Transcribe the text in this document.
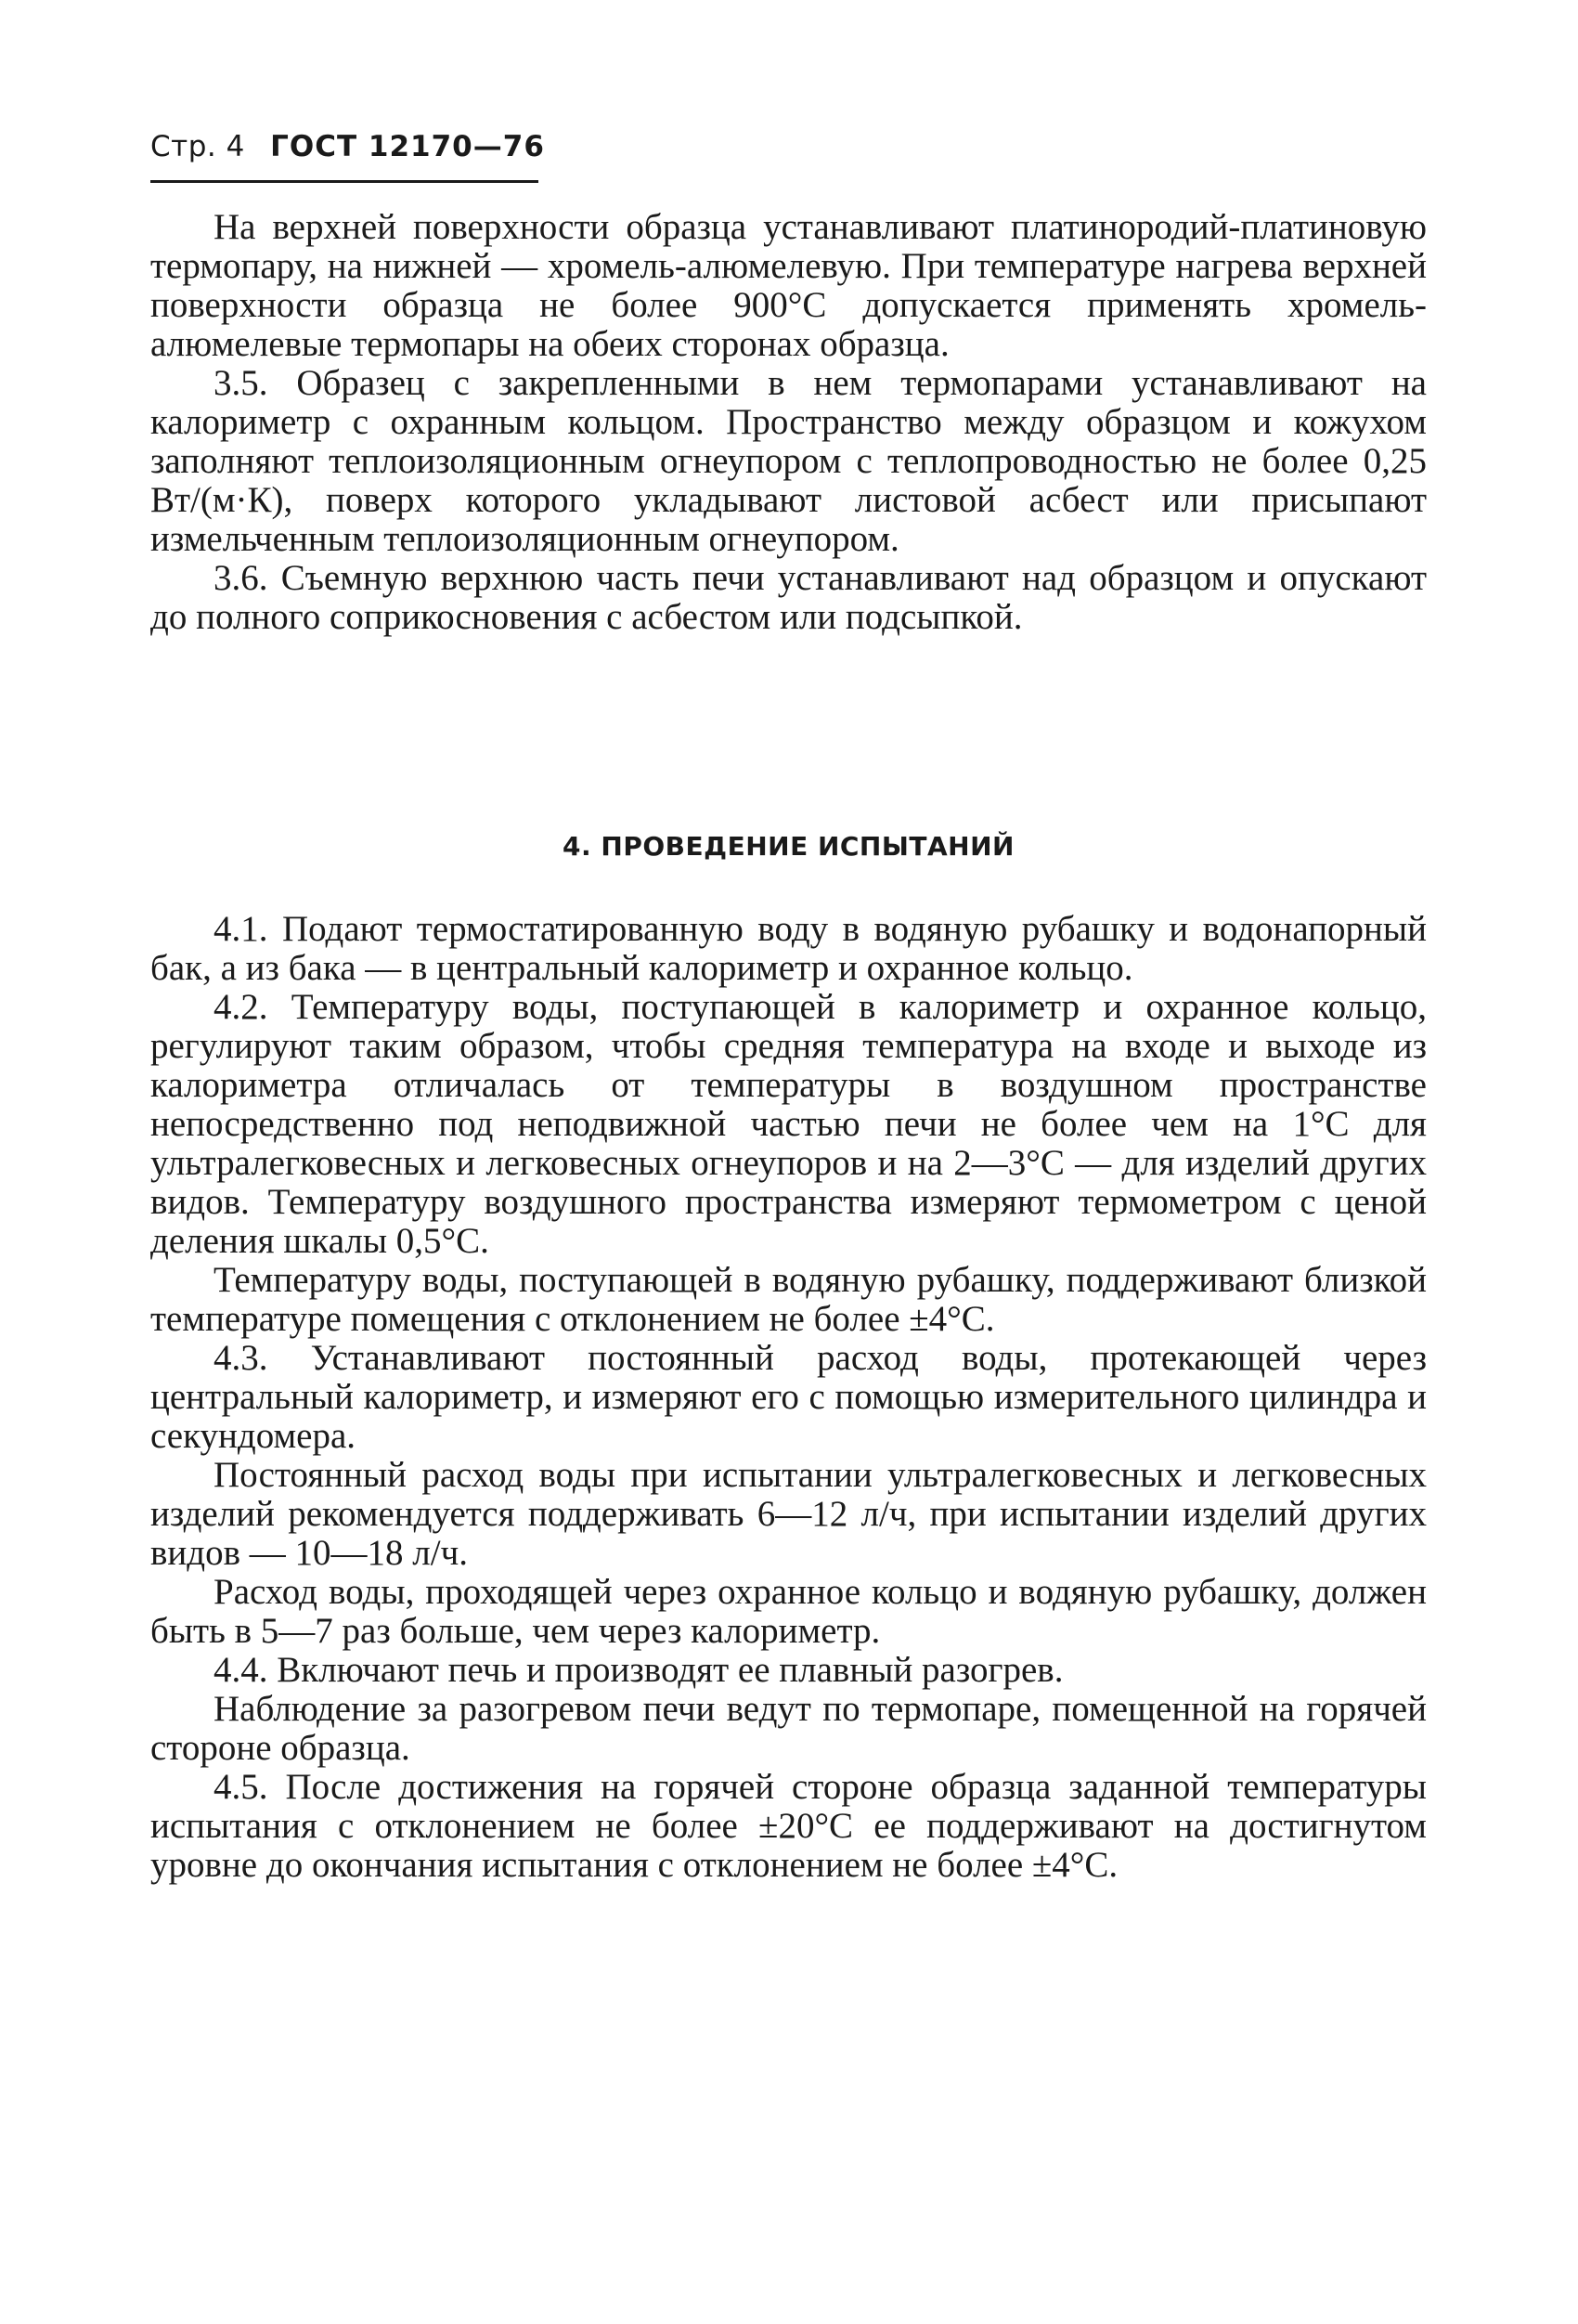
Стр. 4 ГОСТ 12170—76

На верхней поверхности образца устанавливают платинородий-платиновую термопару, на нижней — хромель-алюмелевую. При температуре нагрева верхней поверхности образца не более 900°С допускается применять хромель-алюмелевые термопары на обеих сторонах образца.

3.5. Образец с закрепленными в нем термопарами устанавливают на калориметр с охранным кольцом. Пространство между образцом и кожухом заполняют теплоизоляционным огнеупором с теплопроводностью не более 0,25 Вт/(м·К), поверх которого укладывают листовой асбест или присыпают измельченным теплоизоляционным огнеупором.

3.6. Съемную верхнюю часть печи устанавливают над образцом и опускают до полного соприкосновения с асбестом или подсыпкой.

4. ПРОВЕДЕНИЕ ИСПЫТАНИЙ

4.1. Подают термостатированную воду в водяную рубашку и водонапорный бак, а из бака — в центральный калориметр и охранное кольцо.

4.2. Температуру воды, поступающей в калориметр и охранное кольцо, регулируют таким образом, чтобы средняя температура на входе и выходе из калориметра отличалась от температуры в воздушном пространстве непосредственно под неподвижной частью печи не более чем на 1°С для ультралегковесных и легковесных огнеупоров и на 2—3°С — для изделий других видов. Температуру воздушного пространства измеряют термометром с ценой деления шкалы 0,5°С.

Температуру воды, поступающей в водяную рубашку, поддерживают близкой температуре помещения с отклонением не более ±4°С.

4.3. Устанавливают постоянный расход воды, протекающей через центральный калориметр, и измеряют его с помощью измерительного цилиндра и секундомера.

Постоянный расход воды при испытании ультралегковесных и легковесных изделий рекомендуется поддерживать 6—12 л/ч, при испытании изделий других видов — 10—18 л/ч.

Расход воды, проходящей через охранное кольцо и водяную рубашку, должен быть в 5—7 раз больше, чем через калориметр.

4.4. Включают печь и производят ее плавный разогрев.

Наблюдение за разогревом печи ведут по термопаре, помещенной на горячей стороне образца.

4.5. После достижения на горячей стороне образца заданной температуры испытания с отклонением не более ±20°С ее поддерживают на достигнутом уровне до окончания испытания с отклонением не более ±4°С.
